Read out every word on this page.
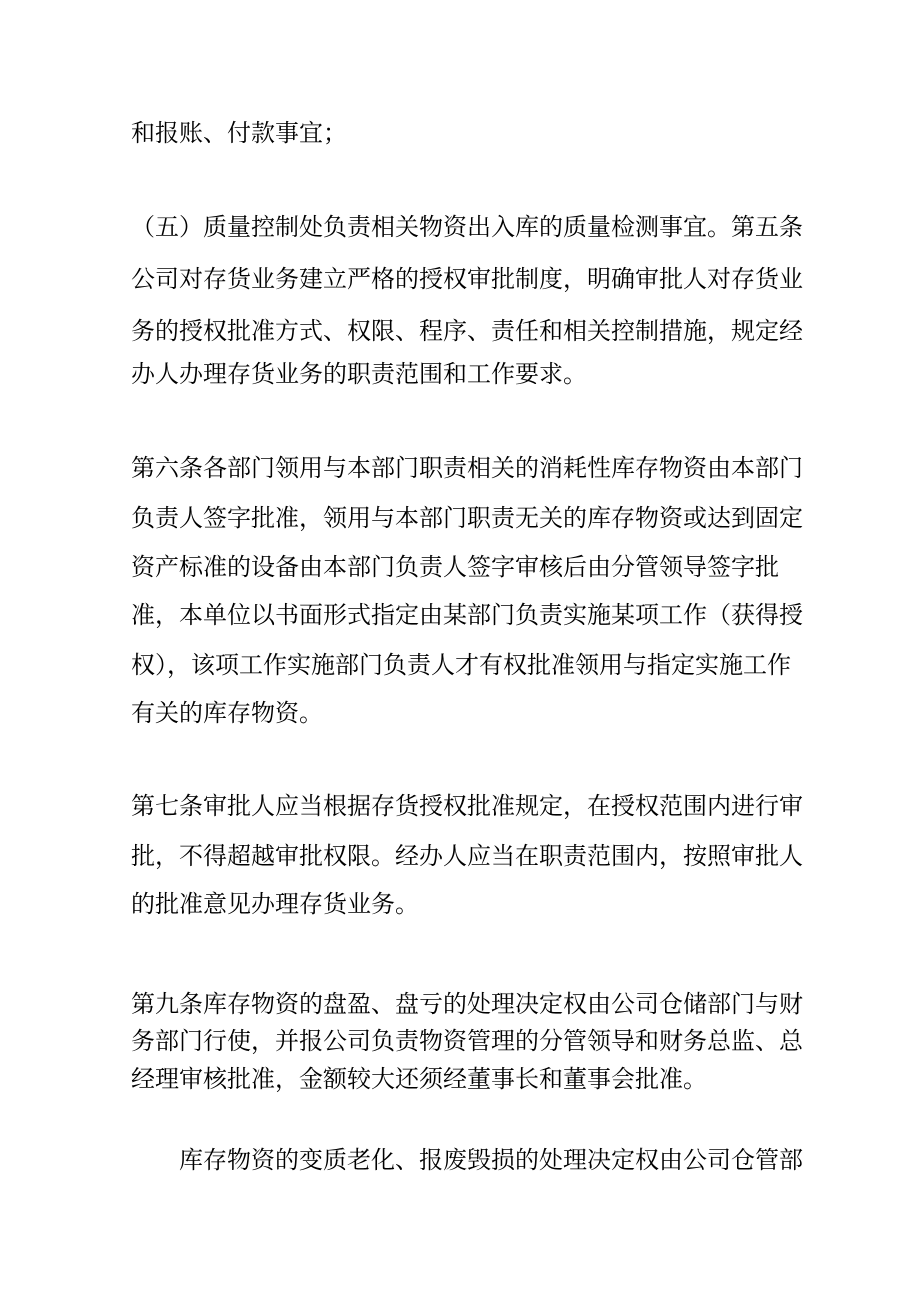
和报账、付款事宜；
（五）质量控制处负责相关物资出入库的质量检测事宜。第五条
公司对存货业务建立严格的授权审批制度，明确审批人对存货业
务的授权批准方式、权限、程序、责任和相关控制措施，规定经
办人办理存货业务的职责范围和工作要求。
第六条各部门领用与本部门职责相关的消耗性库存物资由本部门
负责人签字批准，领用与本部门职责无关的库存物资或达到固定
资产标准的设备由本部门负责人签字审核后由分管领导签字批
准，本单位以书面形式指定由某部门负责实施某项工作（获得授
权），该项工作实施部门负责人才有权批准领用与指定实施工作
有关的库存物资。
第七条审批人应当根据存货授权批准规定，在授权范围内进行审
批，不得超越审批权限。经办人应当在职责范围内，按照审批人
的批准意见办理存货业务。
第九条库存物资的盘盈、盘亏的处理决定权由公司仓储部门与财
务部门行使，并报公司负责物资管理的分管领导和财务总监、总
经理审核批准，金额较大还须经董事长和董事会批准。
库存物资的变质老化、报废毁损的处理决定权由公司仓管部
